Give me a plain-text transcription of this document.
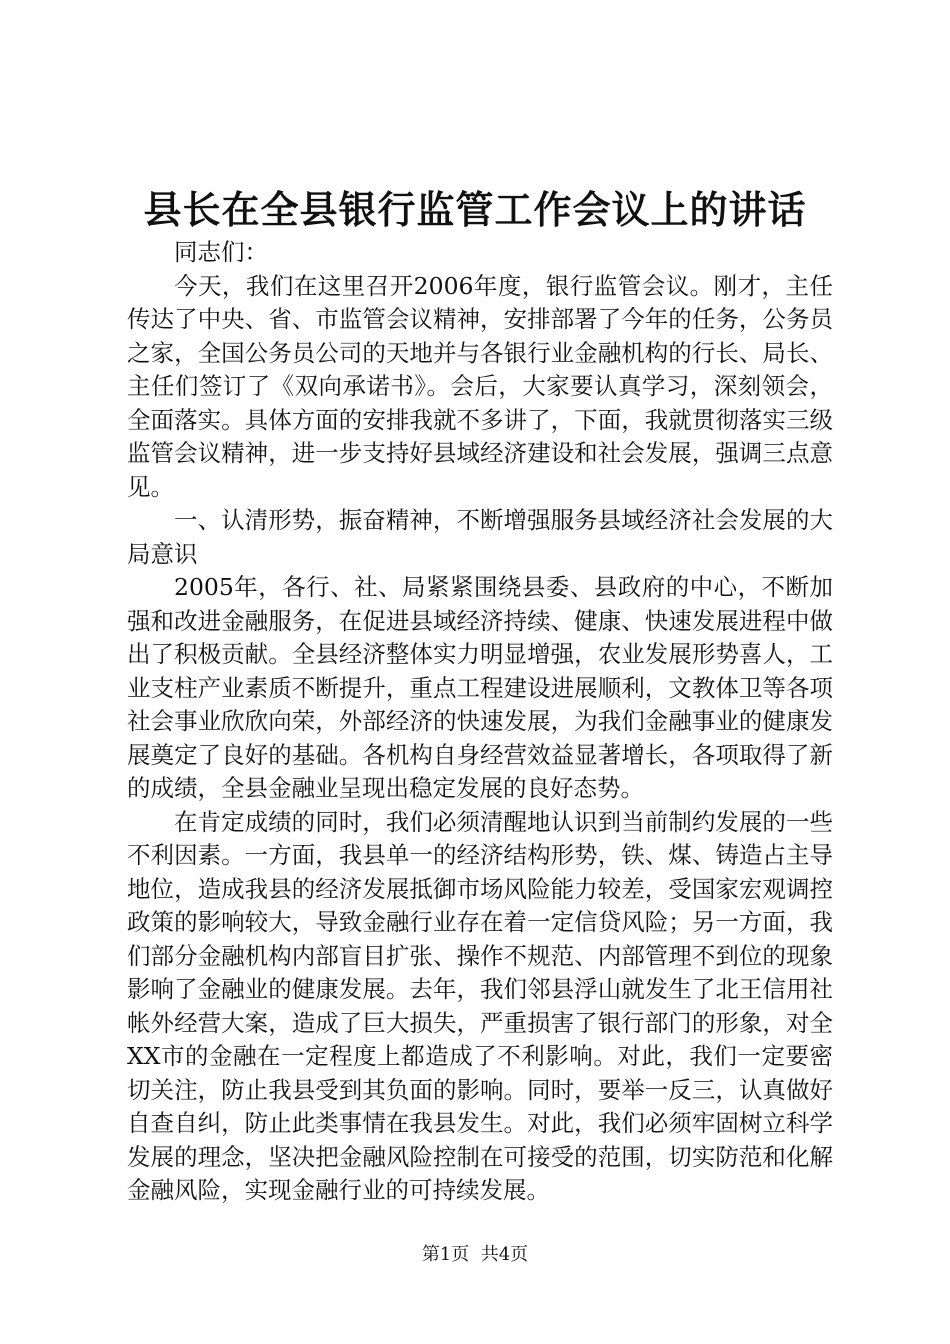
县长在全县银行监管工作会议上的讲话

同志们：

今天，我们在这里召开2006年度，银行监管会议。刚才，主任传达了中央、省、市监管会议精神，安排部署了今年的任务，公务员之家，全国公务员公司的天地并与各银行业金融机构的行长、局长、主任们签订了《双向承诺书》。会后，大家要认真学习，深刻领会，全面落实。具体方面的安排我就不多讲了，下面，我就贯彻落实三级监管会议精神，进一步支持好县域经济建设和社会发展，强调三点意见。

一、认清形势，振奋精神，不断增强服务县域经济社会发展的大局意识

2005年，各行、社、局紧紧围绕县委、县政府的中心，不断加强和改进金融服务，在促进县域经济持续、健康、快速发展进程中做出了积极贡献。全县经济整体实力明显增强，农业发展形势喜人，工业支柱产业素质不断提升，重点工程建设进展顺利，文教体卫等各项社会事业欣欣向荣，外部经济的快速发展，为我们金融事业的健康发展奠定了良好的基础。各机构自身经营效益显著增长，各项取得了新的成绩，全县金融业呈现出稳定发展的良好态势。

在肯定成绩的同时，我们必须清醒地认识到当前制约发展的一些不利因素。一方面，我县单一的经济结构形势，铁、煤、铸造占主导地位，造成我县的经济发展抵御市场风险能力较差，受国家宏观调控政策的影响较大，导致金融行业存在着一定信贷风险；另一方面，我们部分金融机构内部盲目扩张、操作不规范、内部管理不到位的现象影响了金融业的健康发展。去年，我们邻县浮山就发生了北王信用社帐外经营大案，造成了巨大损失，严重损害了银行部门的形象，对全XX市的金融在一定程度上都造成了不利影响。对此，我们一定要密切关注，防止我县受到其负面的影响。同时，要举一反三，认真做好自查自纠，防止此类事情在我县发生。对此，我们必须牢固树立科学发展的理念，坚决把金融风险控制在可接受的范围，切实防范和化解金融风险，实现金融行业的可持续发展。

第1页 共4页
